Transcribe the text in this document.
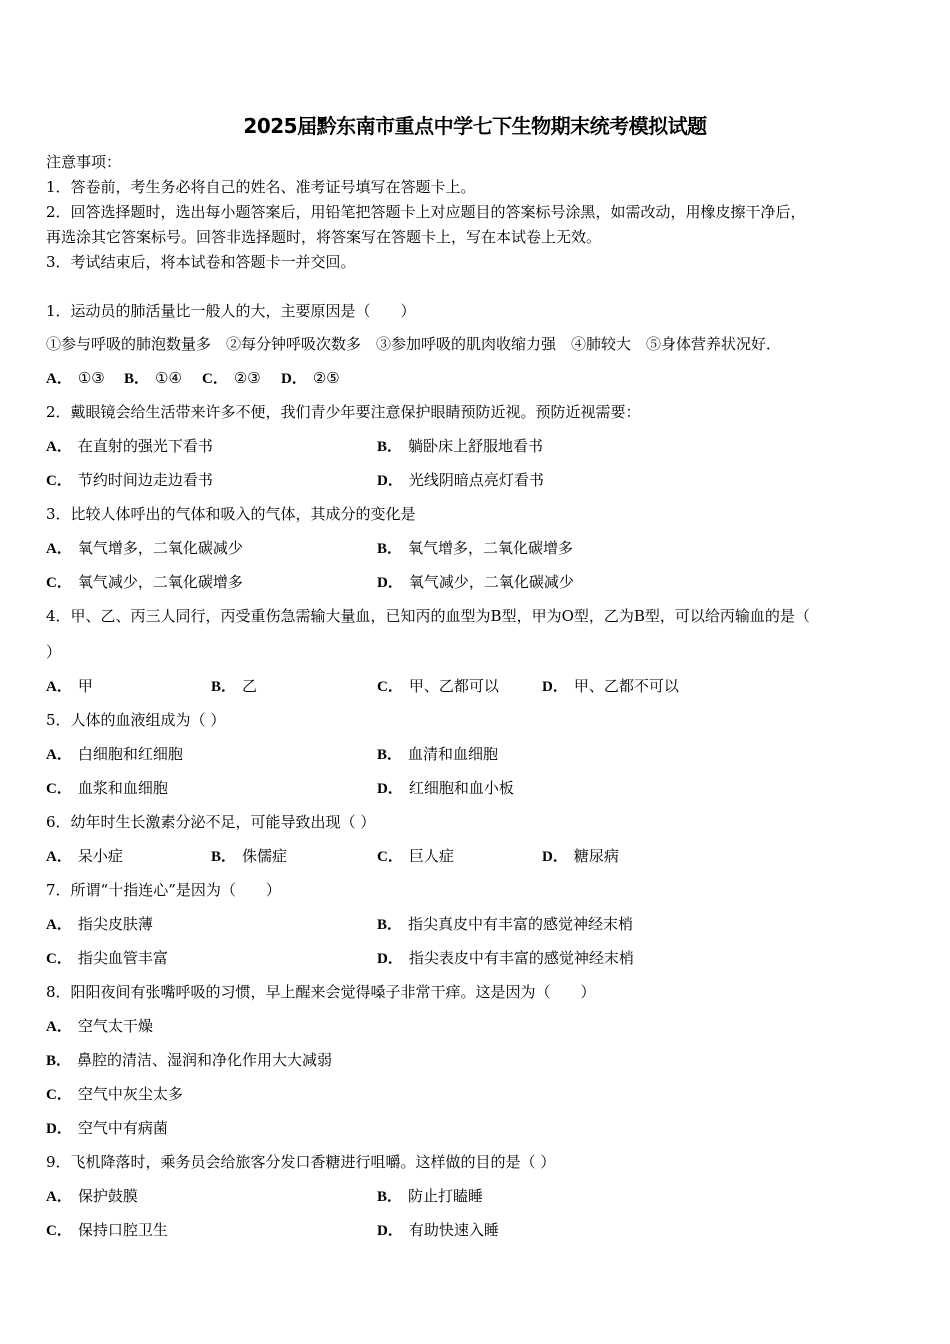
2025届黔东南市重点中学七下生物期末统考模拟试题
注意事项：
1．答卷前，考生务必将自己的姓名、准考证号填写在答题卡上。
2．回答选择题时，选出每小题答案后，用铅笔把答题卡上对应题目的答案标号涂黑，如需改动，用橡皮擦干净后，
再选涂其它答案标号。回答非选择题时，将答案写在答题卡上，写在本试卷上无效。
3．考试结束后，将本试卷和答题卡一并交回。
1．运动员的肺活量比一般人的大，主要原因是（　　）
①参与呼吸的肺泡数量多　②每分钟呼吸次数多　③参加呼吸的肌肉收缩力强　④肺较大　⑤身体营养状况好．
A． ①③ B． ①④ C． ②③ D． ②⑤
2．戴眼镜会给生活带来许多不便，我们青少年要注意保护眼睛预防近视。预防近视需要：
A． 在直射的强光下看书	B． 躺卧床上舒服地看书
C． 节约时间边走边看书	D． 光线阴暗点亮灯看书
3．比较人体呼出的气体和吸入的气体，其成分的变化是
A． 氧气增多，二氧化碳减少	B． 氧气增多，二氧化碳增多
C． 氧气减少，二氧化碳增多	D． 氧气减少，二氧化碳减少
4．甲、乙、丙三人同行，丙受重伤急需输大量血，已知丙的血型为B型，甲为O型，乙为B型，可以给丙输血的是（
）
A． 甲	B． 乙	C． 甲、乙都可以	D． 甲、乙都不可以
5．人体的血液组成为（ ）
A． 白细胞和红细胞	B． 血清和血细胞
C． 血浆和血细胞	D． 红细胞和血小板
6．幼年时生长激素分泌不足，可能导致出现（ ）
A． 呆小症	B． 侏儒症	C． 巨人症	D． 糖尿病
7．所谓“十指连心”是因为（　　）
A． 指尖皮肤薄	B． 指尖真皮中有丰富的感觉神经末梢
C． 指尖血管丰富	D． 指尖表皮中有丰富的感觉神经末梢
8．阳阳夜间有张嘴呼吸的习惯，早上醒来会觉得嗓子非常干痒。这是因为（　　）
A． 空气太干燥
B． 鼻腔的清洁、湿润和净化作用大大减弱
C． 空气中灰尘太多
D． 空气中有病菌
9．飞机降落时，乘务员会给旅客分发口香糖进行咀嚼。这样做的目的是（ ）
A． 保护鼓膜	B． 防止打瞌睡
C． 保持口腔卫生	D． 有助快速入睡
